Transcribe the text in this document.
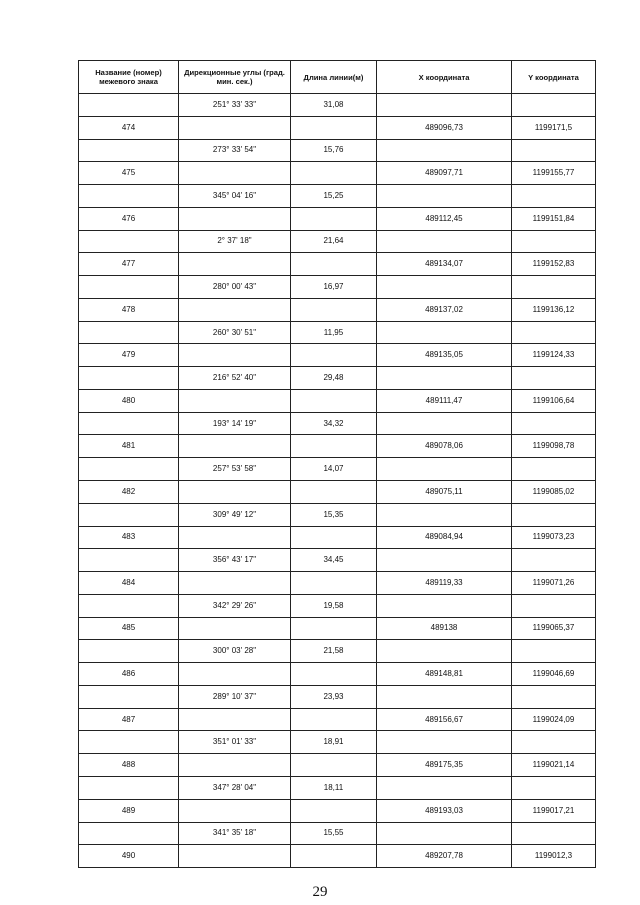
Название (номер) межевого знака	Дирекционные углы (град. мин. сек.)	Длина линии(м)	X координата	Y координата
	251° 33' 33"	31,08		
474			489096,73	1199171,5
	273° 33' 54"	15,76		
475			489097,71	1199155,77
	345° 04' 16"	15,25		
476			489112,45	1199151,84
	2° 37' 18"	21,64		
477			489134,07	1199152,83
	280° 00' 43"	16,97		
478			489137,02	1199136,12
	260° 30' 51"	11,95		
479			489135,05	1199124,33
	216° 52' 40"	29,48		
480			489111,47	1199106,64
	193° 14' 19"	34,32		
481			489078,06	1199098,78
	257° 53' 58"	14,07		
482			489075,11	1199085,02
	309° 49' 12"	15,35		
483			489084,94	1199073,23
	356° 43' 17"	34,45		
484			489119,33	1199071,26
	342° 29' 26"	19,58		
485			489138	1199065,37
	300° 03' 28"	21,58		
486			489148,81	1199046,69
	289° 10' 37"	23,93		
487			489156,67	1199024,09
	351° 01' 33"	18,91		
488			489175,35	1199021,14
	347° 28' 04"	18,11		
489			489193,03	1199017,21
	341° 35' 18"	15,55		
490			489207,78	1199012,3
29
